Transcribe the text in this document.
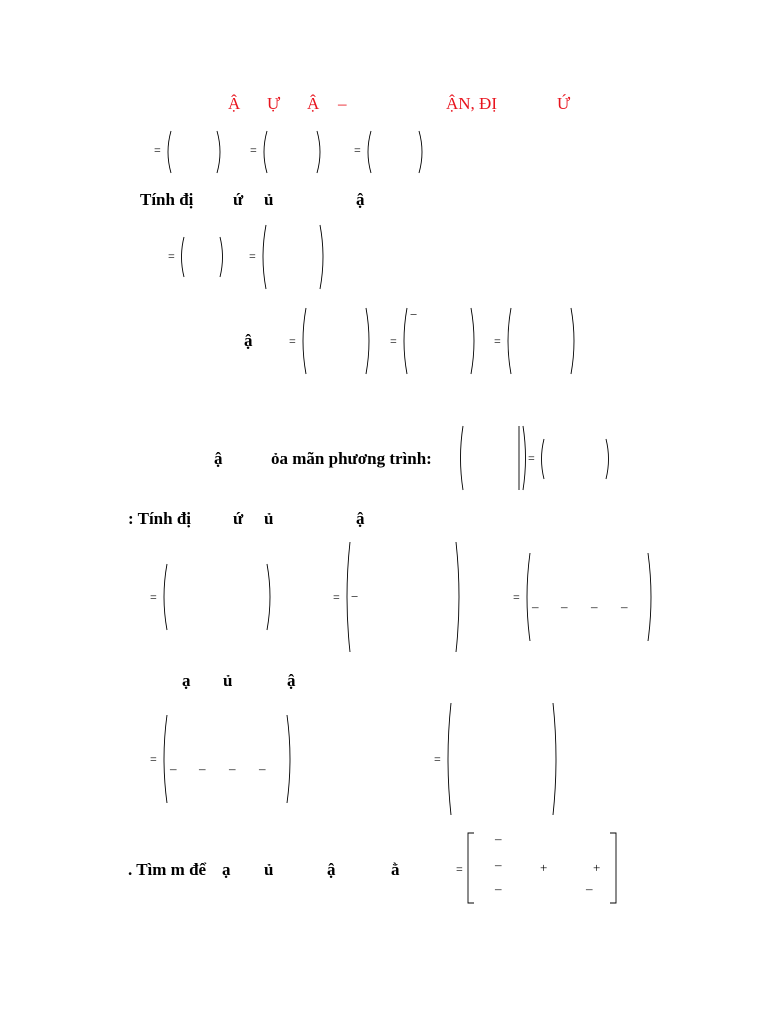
Ậ Ự Ậ –	ẬN, ĐỊ	Ứ
=	=	=
Tính đị ứ ủ	ậ
=	=
ậ	=	=
−
=
ậ	ỏa mãn phương trình:	=
: Tính đị ứ ủ	ậ
=	= −	=
– – – –
ạ ủ	ậ
=
– – – –
=
. Tìm m để ạ ủ	ậ	ằ	=
–
–	+	+
–	–
